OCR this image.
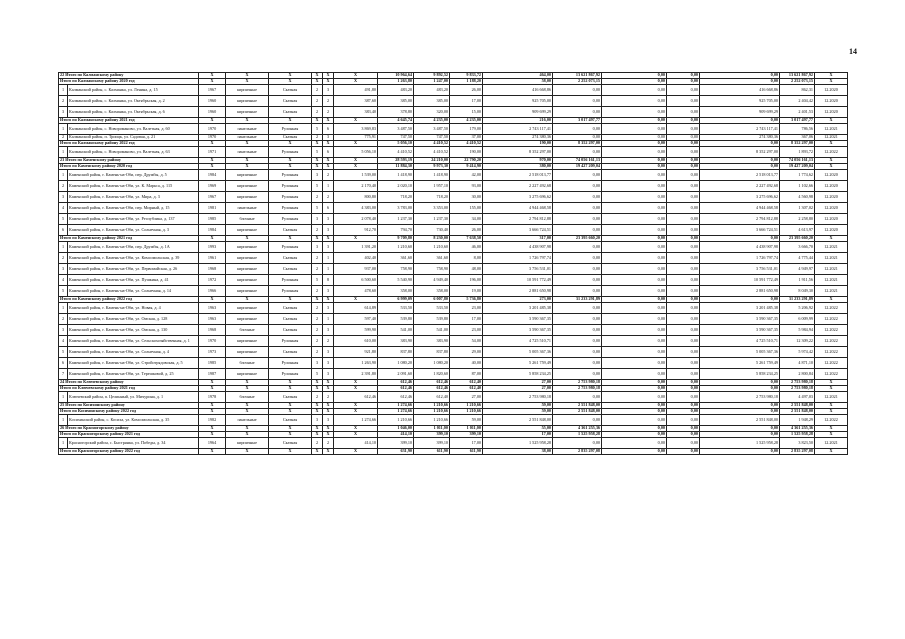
14
22 Итого по Калманскому району		X	X	X	X	X	X	10 964,64	9 892,52	9 833,72	464,00	13 621 867,92	0,00	0,00	0,00	13 621 867,92	X	
Итого по Калманскому району 2020 год		X	X	X	X	X	X	1 263,80	1 247,00	1 188,20	58,00	2 252 073,15	0,00	0,00	0,00	2 252 073,15	X	
1	Калманский район, с. Калманка, ул. Ленина, д. 15	1967	кирпичные	Скатная	2	3	491,80	483,20	483,20	26,00	416 668,86	0,00	0,00	0,00	416 668,86	862,31	12.2020	
2	Калманский район, с. Калманка, ул. Октябрьская, д. 2	1960	кирпичные	Скатная	2	2	387,60	385,00	385,00	17,00	925 705,00	0,00	0,00	0,00	925 705,00	2 404,42	12.2020	
3	Калманский район, с. Калманка, ул. Октябрьская, д. 6	1960	кирпичные	Скатная	2	2	383,40	378,80	320,00	15,00	909 699,29	0,00	0,00	0,00	909 699,29	2 401,53	12.2020	
Итого по Калманскому району 2021 год		X	X	X	X	X	X	4 645,74	4 235,00	4 235,00	216,00	3 017 497,77	0,00	0,00	0,00	3 017 497,77	X	
1	Калманский район, с. Новороманово, ул. Валетная, д. 60	1970	панельные	Рулонная	5	6	3 869,83	3 487,50	3 487,50	179,00	2 743 117,41	0,00	0,00	0,00	2 743 117,41	786,56	12.2021	
2	Калманский район, п. Троицк, ул. Садовая, д. 21	1970	панельные	Скатная	2	3	775,91	747,50	747,50	37,00	274 380,36	0,00	0,00	0,00	274 380,36	367,06	12.2021	
Итого по Калманскому району 2022 год		X	X	X	X	X	X	5 056,10	4 410,52	4 410,52	190,00	8 352 297,00	0,00	0,00	0,00	8 352 297,00	X	
1	Калманский район, с. Новороманово, ул. Валетная, д. 63	1971	панельные	Рулонная	5	6	5 056,10	4 410,52	4 410,52	190,00	8 352 297,00	0,00	0,00	0,00	8 352 297,00	1 893,72	12.2022	
23 Итого по Каменскому району		X	X	X	X	X	X	28 593,19	24 210,00	22 790,20	970,00	74 056 161,13	0,00	0,00	0,00	74 056 161,13	X	
Итого по Каменскому району 2020 год		X	X	X	X	X	X	11 884,30	9 973,30	9 414,90	380,00	19 427 209,04	0,00	0,00	0,00	19 427 209,04	X	
1	Каменский район, г. Камень-на-Оби, пер. Дружбы, д. 5	1984	кирпичные	Рулонная	3	2	1 539,00	1 418,90	1 418,90	42,00	2 518 013,77	0,00	0,00	0,00	2 518 013,77	1 774,62	12.2020	
2	Каменский район, г. Камень-на-Оби, ул. К. Маркса, д. 115	1969	кирпичные	Рулонная	5	1	2 170,40	2 020,10	1 957,10	93,00	2 227 492,68	0,00	0,00	0,00	2 227 492,68	1 102,66	12.2020	
3	Каменский район, г. Камень-на-Оби, ул. Мира, д. 3	1967	кирпичные	Рулонная	2	2	800,80	718,20	718,20	30,00	3 275 696,62	0,00	0,00	0,00	3 275 696,62	4 560,98	12.2020	
4	Каменский район, г. Камень-на-Оби, пер. Мирный, д. 15	1981	панельные	Рулонная	5	6	4 383,00	3 783,00	3 353,00	155,00	4 944 468,58	0,00	0,00	0,00	4 944 468,58	1 307,02	12.2020	
5	Каменский район, г. Камень-на-Оби, ул. Республика, д. 137	1985	блочные	Рулонная	3	3	2 078,40	1 237,30	1 237,30	34,00	2 794 812,88	0,00	0,00	0,00	2 794 812,88	2 258,80	12.2020	
6	Каменский район, г. Камень-на-Оби, ул. Солнечная, д. 3	1984	кирпичные	Скатная	2	3	912,70	794,70	730,40	26,00	3 666 724,51	0,00	0,00	0,00	3 666 724,51	4 613,97	12.2020	
Итого по Каменскому району 2021 год		X	X	X	X	X	X	9 709,80	8 230,00	7 638,50	317,00	23 395 660,20	0,00	0,00	0,00	23 395 660,20	X	
1	Каменский район, г. Камень-на-Оби, пер. Дружбы, д. 1А	1993	кирпичные	Рулонная	3	3	1 391,20	1 210,60	1 210,60	46,00	4 438 907,98	0,00	0,00	0,00	4 438 907,98	3 666,70	12.2021	
2	Каменский район, г. Камень-на-Оби, ул. Комсомольская, д. 39	1961	кирпичные	Скатная	2	1	402,40	361,60	361,60	8,00	1 726 797,74	0,00	0,00	0,00	1 726 797,74	4 775,44	12.2021	
3	Каменский район, г. Камень-на-Оби, ул. Первомайская, д. 26	1968	кирпичные	Скатная	2	1	937,00	758,90	758,90	48,00	3 756 531,01	0,00	0,00	0,00	3 756 531,01	4 949,97	12.2021	
4	Каменский район, г. Камень-на-Оби, ул. Пушкина, д. 41	1972	кирпичные	Рулонная	5	8	6 500,60	5 540,90	4 949,40	196,00	10 591 772,49	0,00	0,00	0,00	10 591 772,49	1 911,56	12.2021	
5	Каменский район, г. Камень-на-Оби, ул. Солнечная, д. 14	1966	кирпичные	Рулонная	2	3	478,60	358,00	358,00	19,00	2 881 650,98	0,00	0,00	0,00	2 881 650,98	8 049,30	12.2021	
Итого по Каменскому району 2022 год		X	X	X	X	X	X	6 999,09	6 007,80	5 736,80	273,00	31 233 291,89	0,00	0,00	0,00	31 233 291,89	X	
1	Каменский район, г. Камень-на-Оби, ул. Новая, д. 4	1963	кирпичные	Скатная	2	3	614,89	533,50	533,50	23,00	3 201 485,38	0,00	0,00	0,00	3 201 485,38	5 206,92	12.2022	
2	Каменский район, г. Камень-на-Оби, ул. Омская, д. 128	1963	кирпичные	Скатная	2	1	597,40	539,80	539,80	17,00	3 590 367,35	0,00	0,00	0,00	3 590 367,35	6 009,99	12.2022	
3	Каменский район, г. Камень-на-Оби, ул. Омская, д. 130	1968	блочные	Скатная	2	3	599,90	541,00	541,00	23,00	3 590 367,35	0,00	0,00	0,00	3 590 367,35	5 984,94	12.2022	
4	Каменский район, г. Камень-на-Оби, ул. Сельскохозяйственная, д. 1	1970	кирпичные	Рулонная	2	2	610,00	383,90	383,90	54,00	4 725 510,71	0,00	0,00	0,00	4 725 510,71	12 309,22	12.2022	
5	Каменский район, г. Камень-на-Оби, ул. Солнечная, д. 4	1973	кирпичные	Скатная	2	3	921,80	837,80	837,80	29,00	5 005 367,36	0,00	0,00	0,00	5 005 367,36	5 974,42	12.2022	
6	Каменский район, г. Камень-на-Оби, ул. Стройотрядовская, д. 5	1985	блочные	Рулонная	3	3	1 263,90	1 080,20	1 080,20	40,00	5 261 759,49	0,00	0,00	0,00	5 261 759,49	4 871,10	12.2022	
7	Каменский район, г. Камень-на-Оби, ул. Терешковой, д. 25	1987	кирпичные	Рулонная	5	3	2 391,80	2 091,60	1 820,60	87,00	5 858 234,25	0,00	0,00	0,00	5 858 234,25	2 800,84	12.2022	
24 Итого по Ключевскому району		X	X	X	X	X	X	612,46	612,46	612,40	27,00	2 753 980,18	0,00	0,00	0,00	2 753 980,18	X	
Итого по Ключевскому району 2021 год		X	X	X	X	X	X	612,46	612,46	612,40	27,00	2 753 980,18	0,00	0,00	0,00	2 753 980,18	X	
1	Ключевский район, п. Целинный, ул. Мичурина, д. 1	1978	блочные	Скатная	2	2	612,46	612,46	612,40	27,00	2 753 980,18	0,00	0,00	0,00	2 753 980,18	4 497,03	12.2021	
25 Итого по Косихинскому району		X	X	X	X	X	X	1 274,66	1 210,66	1 210,66	59,00	2 551 848,00	0,00	0,00	0,00	2 551 848,00	X	
Итого по Косихинскому району 2022 год		X	X	X	X	X	X	1 274,66	1 210,66	1 210,66	59,00	2 551 848,00	0,00	0,00	0,00	2 551 848,00	X	
1	Косихинский район, с. Косиха, ул. Комсомольская, д. 35	1982	панельные	Скатная	3	3	1 274,66	1 210,66	1 210,66	59,00	2 551 848,00	0,00	0,00	0,00	2 551 848,00	1 948,29	12.2022	
26 Итого по Красногорскому району		X	X	X	X	X	X	1 046,00	1 011,00	1 011,00	55,00	4 361 255,36	0,00	0,00	0,00	4 361 255,36	X	
Итого по Красногорскому району 2021 год		X	X	X	X	X	X	414,10	399,10	399,10	17,00	1 525 958,28	0,00	0,00	0,00	1 525 958,28	X	
1	Красногорский район, с. Быстрянка, ул. Победы, д. 34	1964	кирпичные	Скатная	2	2	414,10	399,10	399,10	17,00	1 525 958,28	0,00	0,00	0,00	1 525 958,28	3 823,50	12.2021	
Итого по Красногорскому району 2022 год		X	X	X	X	X	X	631,90	611,90	611,90	38,00	2 835 297,08	0,00	0,00	0,00	2 835 297,08	X	
